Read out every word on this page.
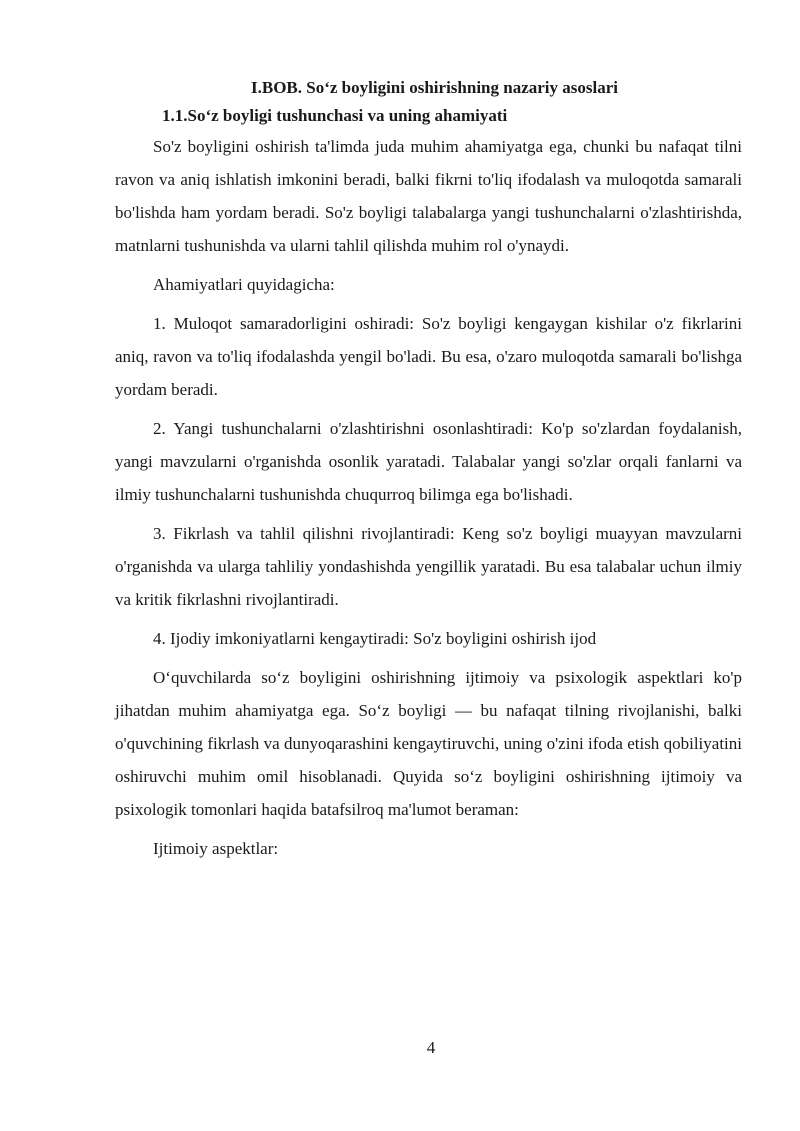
I.BOB. So‘z boyligini oshirishning nazariy asoslari
1.1.So‘z boyligi tushunchasi va uning ahamiyati

So'z boyligini oshirish ta'limda juda muhim ahamiyatga ega, chunki bu nafaqat tilni ravon va aniq ishlatish imkonini beradi, balki fikrni to'liq ifodalash va muloqotda samarali bo'lishda ham yordam beradi. So'z boyligi talabalarga yangi tushunchalarni o'zlashtirishda, matnlarni tushunishda va ularni tahlil qilishda muhim rol o'ynaydi.

Ahamiyatlari quyidagicha:

1. Muloqot samaradorligini oshiradi: So'z boyligi kengaygan kishilar o'z fikrlarini aniq, ravon va to'liq ifodalashda yengil bo'ladi. Bu esa, o'zaro muloqotda samarali bo'lishga yordam beradi.

2. Yangi tushunchalarni o'zlashtirishni osonlashtiradi: Ko'p so'zlardan foydalanish, yangi mavzularni o'rganishda osonlik yaratadi. Talabalar yangi so'zlar orqali fanlarni va ilmiy tushunchalarni tushunishda chuqurroq bilimga ega bo'lishadi.

3. Fikrlash va tahlil qilishni rivojlantiradi: Keng so'z boyligi muayyan mavzularni o'rganishda va ularga tahliliy yondashishda yengillik yaratadi. Bu esa talabalar uchun ilmiy va kritik fikrlashni rivojlantiradi.

4. Ijodiy imkoniyatlarni kengaytiradi: So'z boyligini oshirish ijod

O‘quvchilarda so‘z boyligini oshirishning ijtimoiy va psixologik aspektlari ko'p jihatdan muhim ahamiyatga ega. So‘z boyligi — bu nafaqat tilning rivojlanishi, balki o'quvchining fikrlash va dunyoqarashini kengaytiruvchi, uning o'zini ifoda etish qobiliyatini oshiruvchi muhim omil hisoblanadi. Quyida so‘z boyligini oshirishning ijtimoiy va psixologik tomonlari haqida batafsilroq ma'lumot beraman:

Ijtimoiy aspektlar:

4
